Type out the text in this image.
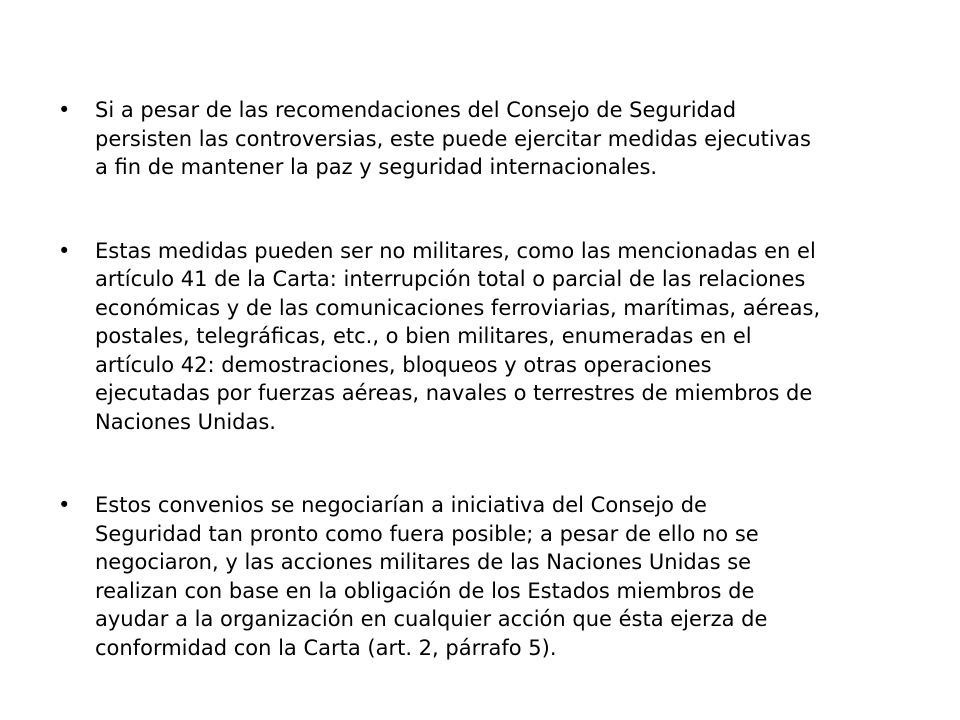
• Si a pesar de las recomendaciones del Consejo de Seguridad
persisten las controversias, este puede ejercitar medidas ejecutivas
a fin de mantener la paz y seguridad internacionales.
• Estas medidas pueden ser no militares, como las mencionadas en el
artículo 41 de la Carta: interrupción total o parcial de las relaciones
económicas y de las comunicaciones ferroviarias, marítimas, aéreas,
postales, telegráficas, etc., o bien militares, enumeradas en el
artículo 42: demostraciones, bloqueos y otras operaciones
ejecutadas por fuerzas aéreas, navales o terrestres de miembros de
Naciones Unidas.
• Estos convenios se negociarían a iniciativa del Consejo de
Seguridad tan pronto como fuera posible; a pesar de ello no se
negociaron, y las acciones militares de las Naciones Unidas se
realizan con base en la obligación de los Estados miembros de
ayudar a la organización en cualquier acción que ésta ejerza de
conformidad con la Carta (art. 2, párrafo 5).
